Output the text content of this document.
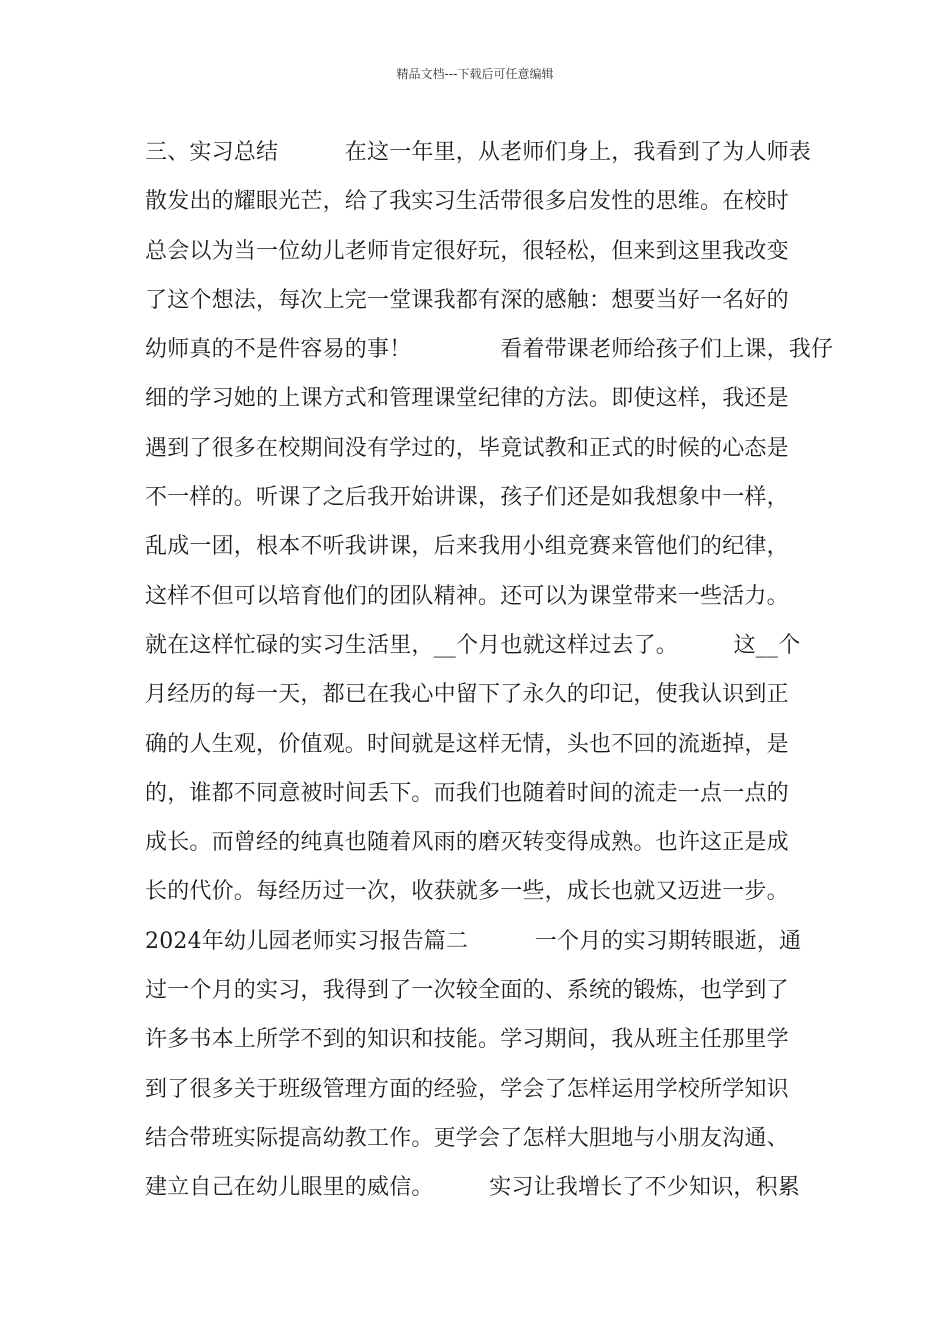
精品文档---下载后可任意编辑
三、实习总结　　　在这一年里，从老师们身上，我看到了为人师表
散发出的耀眼光芒，给了我实习生活带很多启发性的思维。在校时
总会以为当一位幼儿老师肯定很好玩，很轻松，但来到这里我改变
了这个想法，每次上完一堂课我都有深的感触：想要当好一名好的
幼师真的不是件容易的事！　　　　看着带课老师给孩子们上课，我仔
细的学习她的上课方式和管理课堂纪律的方法。即使这样，我还是
遇到了很多在校期间没有学过的，毕竟试教和正式的时候的心态是
不一样的。听课了之后我开始讲课，孩子们还是如我想象中一样，
乱成一团，根本不听我讲课，后来我用小组竞赛来管他们的纪律，
这样不但可以培育他们的团队精神。还可以为课堂带来一些活力。
就在这样忙碌的实习生活里，__个月也就这样过去了。　　　这__个
月经历的每一天，都已在我心中留下了永久的印记，使我认识到正
确的人生观，价值观。时间就是这样无情，头也不回的流逝掉，是
的，谁都不同意被时间丢下。而我们也随着时间的流走一点一点的
成长。而曾经的纯真也随着风雨的磨灭转变得成熟。也许这正是成
长的代价。每经历过一次，收获就多一些，成长也就又迈进一步。
2024年幼儿园老师实习报告篇二　　　一个月的实习期转眼逝，通
过一个月的实习，我得到了一次较全面的、系统的锻炼，也学到了
许多书本上所学不到的知识和技能。学习期间，我从班主任那里学
到了很多关于班级管理方面的经验，学会了怎样运用学校所学知识
结合带班实际提高幼教工作。更学会了怎样大胆地与小朋友沟通、
建立自己在幼儿眼里的威信。　　　实习让我增长了不少知识，积累
